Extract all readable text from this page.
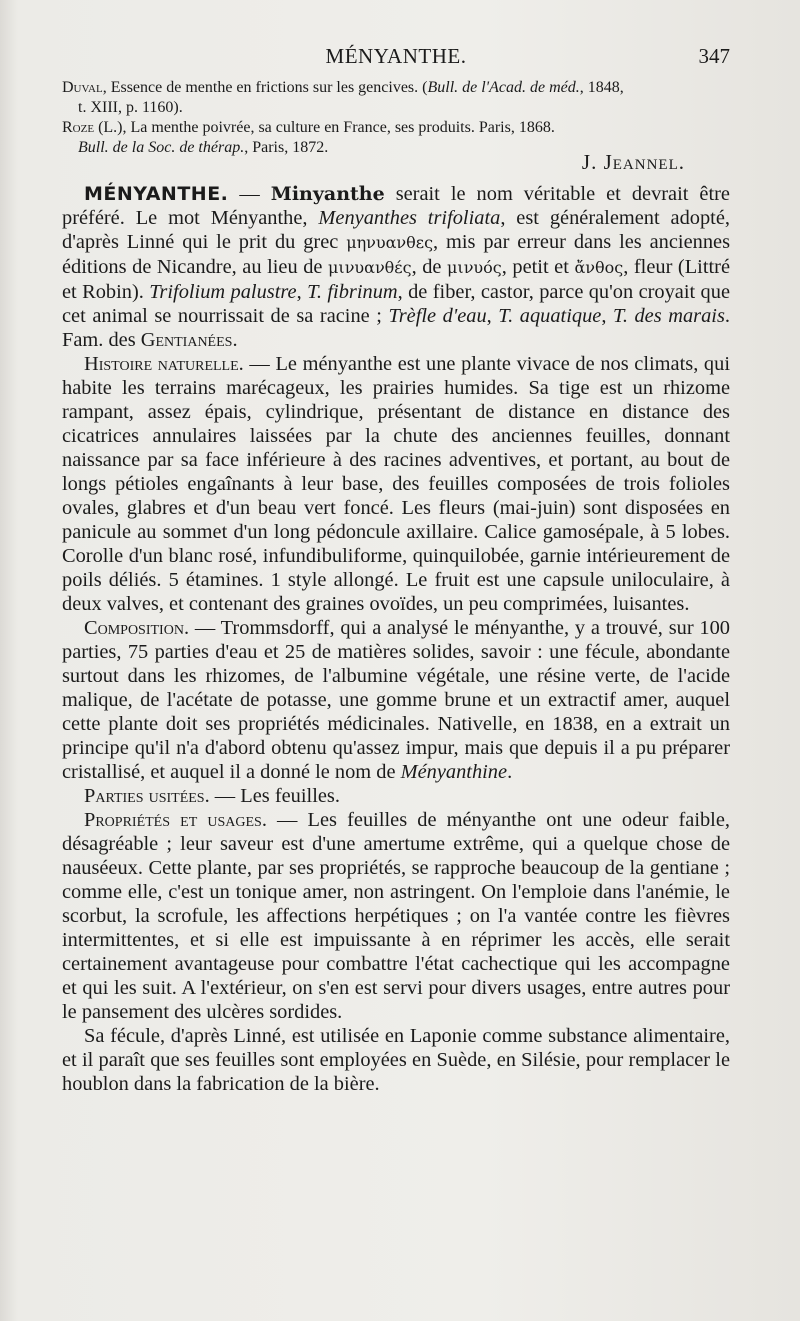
MÉNYANTHE.	347

Duval, Essence de menthe en frictions sur les gencives. (Bull. de l'Acad. de méd., 1848,

t. XIII, p. 1160).

Roze (L.), La menthe poivrée, sa culture en France, ses produits. Paris, 1868.

Bull. de la Soc. de thérap., Paris, 1872.

J. Jeannel.

MÉNYANTHE. — Minyanthe serait le nom véritable et devrait être préféré. Le mot Ményanthe, Menyanthes trifoliata, est généralement adopté, d'après Linné qui le prit du grec μηνυανθες, mis par erreur dans les anciennes éditions de Nicandre, au lieu de μινυανθές, de μινυός, petit et ἄνθος, fleur (Littré et Robin). Trifolium palustre, T. fibrinum, de fiber, castor, parce qu'on croyait que cet animal se nourrissait de sa racine ; Trèfle d'eau, T. aquatique, T. des marais. Fam. des Gentianées.

Histoire naturelle. — Le ményanthe est une plante vivace de nos climats, qui habite les terrains marécageux, les prairies humides. Sa tige est un rhizome rampant, assez épais, cylindrique, présentant de distance en distance des cicatrices annulaires laissées par la chute des anciennes feuilles, donnant naissance par sa face inférieure à des racines adventives, et portant, au bout de longs pétioles engaînants à leur base, des feuilles composées de trois folioles ovales, glabres et d'un beau vert foncé. Les fleurs (mai-juin) sont disposées en panicule au sommet d'un long pédoncule axillaire. Calice gamosépale, à 5 lobes. Corolle d'un blanc rosé, infundibuliforme, quinquilobée, garnie intérieurement de poils déliés. 5 étamines. 1 style allongé. Le fruit est une capsule uniloculaire, à deux valves, et contenant des graines ovoïdes, un peu comprimées, luisantes.

Composition. — Trommsdorff, qui a analysé le ményanthe, y a trouvé, sur 100 parties, 75 parties d'eau et 25 de matières solides, savoir : une fécule, abondante surtout dans les rhizomes, de l'albumine végétale, une résine verte, de l'acide malique, de l'acétate de potasse, une gomme brune et un extractif amer, auquel cette plante doit ses propriétés médicinales. Nativelle, en 1838, en a extrait un principe qu'il n'a d'abord obtenu qu'assez impur, mais que depuis il a pu préparer cristallisé, et auquel il a donné le nom de Ményanthine.

Parties usitées. — Les feuilles.

Propriétés et usages. — Les feuilles de ményanthe ont une odeur faible, désagréable ; leur saveur est d'une amertume extrême, qui a quelque chose de nauséeux. Cette plante, par ses propriétés, se rapproche beaucoup de la gentiane ; comme elle, c'est un tonique amer, non astringent. On l'emploie dans l'anémie, le scorbut, la scrofule, les affections herpétiques ; on l'a vantée contre les fièvres intermittentes, et si elle est impuissante à en réprimer les accès, elle serait certainement avantageuse pour combattre l'état cachectique qui les accompagne et qui les suit. A l'extérieur, on s'en est servi pour divers usages, entre autres pour le pansement des ulcères sordides.

Sa fécule, d'après Linné, est utilisée en Laponie comme substance alimentaire, et il paraît que ses feuilles sont employées en Suède, en Silésie, pour remplacer le houblon dans la fabrication de la bière.
